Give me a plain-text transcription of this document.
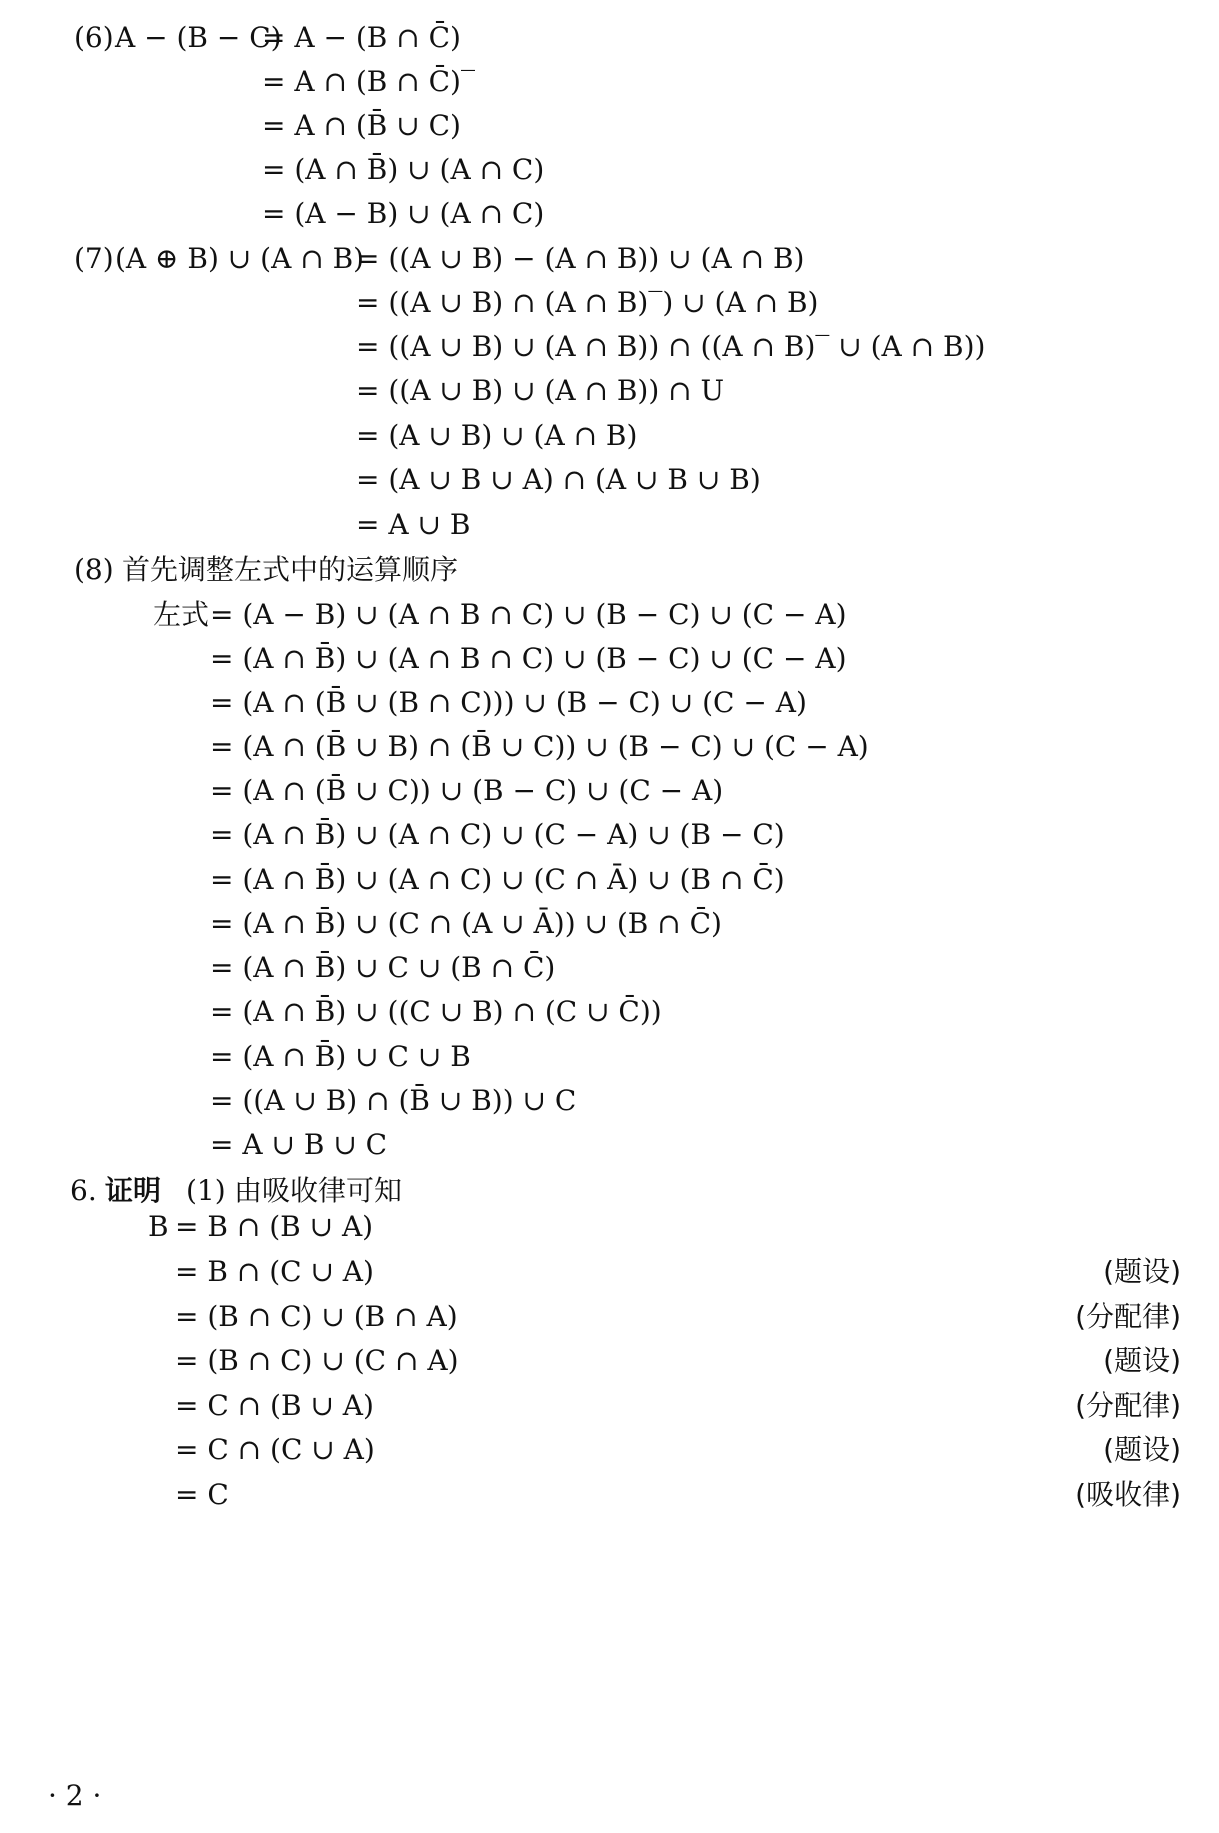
(6) A − (B − C)
= A − (B ∩ C̄)
= A ∩ (B ∩ C̄)‾
= A ∩ (B̄ ∪ C)
= (A ∩ B̄) ∪ (A ∩ C)
= (A − B) ∪ (A ∩ C)
(7) (A ⊕ B) ∪ (A ∩ B)
= ((A ∪ B) − (A ∩ B)) ∪ (A ∩ B)
= ((A ∪ B) ∩ (A ∩ B)‾) ∪ (A ∩ B)
= ((A ∪ B) ∪ (A ∩ B)) ∩ ((A ∩ B)‾ ∪ (A ∩ B))
= ((A ∪ B) ∪ (A ∩ B)) ∩ U
= (A ∪ B) ∪ (A ∩ B)
= (A ∪ B ∪ A) ∩ (A ∪ B ∪ B)
= A ∪ B
(8) 首先调整左式中的运算顺序
左式 = (A − B) ∪ (A ∩ B ∩ C) ∪ (B − C) ∪ (C − A)
= (A ∩ B̄) ∪ (A ∩ B ∩ C) ∪ (B − C) ∪ (C − A)
= (A ∩ (B̄ ∪ (B ∩ C))) ∪ (B − C) ∪ (C − A)
= (A ∩ (B̄ ∪ B) ∩ (B̄ ∪ C)) ∪ (B − C) ∪ (C − A)
= (A ∩ (B̄ ∪ C)) ∪ (B − C) ∪ (C − A)
= (A ∩ B̄) ∪ (A ∩ C) ∪ (C − A) ∪ (B − C)
= (A ∩ B̄) ∪ (A ∩ C) ∪ (C ∩ Ā) ∪ (B ∩ C̄)
= (A ∩ B̄) ∪ (C ∩ (A ∪ Ā)) ∪ (B ∩ C̄)
= (A ∩ B̄) ∪ C ∪ (B ∩ C̄)
= (A ∩ B̄) ∪ ((C ∪ B) ∩ (C ∪ C̄))
= (A ∩ B̄) ∪ C ∪ B
= ((A ∪ B) ∩ (B̄ ∪ B)) ∪ C
= A ∪ B ∪ C
6. 证明 (1) 由吸收律可知
B = B ∩ (B ∪ A)
= B ∩ (C ∪ A)	(题设)
= (B ∩ C) ∪ (B ∩ A)	(分配律)
= (B ∩ C) ∪ (C ∩ A)	(题设)
= C ∩ (B ∪ A)	(分配律)
= C ∩ (C ∪ A)	(题设)
= C	(吸收律)
· 2 ·
